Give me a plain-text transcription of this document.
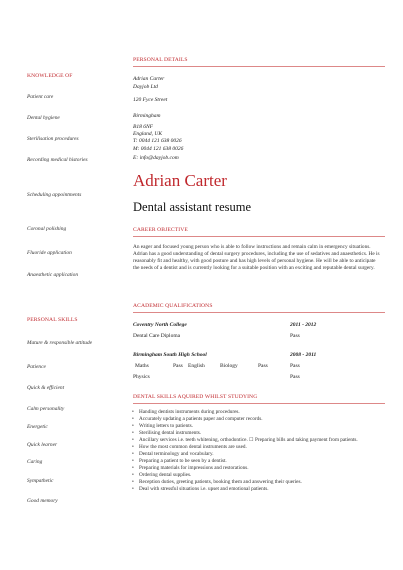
PERSONAL DETAILS
Adrian Carter
Dayjob Ltd
120 Fyce Street
Birmingham
B18 6NF
England, UK
T: 0044 121 638 0026
M: 0044 121 638 0026
E: info@dayjob.com
KNOWLEDGE OF
Patient care
Dental hygiene
Sterilisation procedures
Recording medical histories
Scheduling appointments
Coronal polishing
Fluoride application
Anaesthetic application
PERSONAL SKILLS
Mature & responsible attitude
Patience
Quick & efficient
Calm personality
Energetic
Quick learner
Caring
Sympathetic
Good memory
Adrian Carter
Dental assistant resume
CAREER OBJECTIVE
An eager and focused young person who is able to follow instructions and remain calm in emergency situations. Adrian has a good understanding of dental surgery procedures, including the use of sedatives and anaesthetics. He is reasonably fit and healthy, with good posture and has high levels of personal hygiene. He will be able to anticipate the needs of a dentist and is currently looking for a suitable position with an exciting and reputable dental surgery.
ACADEMIC QUALIFICATIONS
Coventry North College	2011 - 2012
Dental Care Diploma	Pass
Birmingham South High School	2008 - 2011
Maths	Pass English	Biology	Pass	Pass
Physics	Pass
DENTAL SKILLS AQUIRED WHILST STUDYING
• Handing dentists instruments during procedures.
• Accurately updating a patients paper and computer records.
• Writing letters to patients.
• Sterilising dental instruments.
• Ancillary services i.e. teeth whitening, orthodontice. ☐ Preparing bills and taking payment from patients.
• How the most common dental instruments are used.
• Dental terminology and vocabulary.
• Preparing a patient to be seen by a dentist.
• Preparing materials for impressions and restorations.
• Ordering dental supplies.
• Reception duties, greeting patients, booking them and answering their queries.
• Deal with stressful situations i.e. upset and emotional patients.
